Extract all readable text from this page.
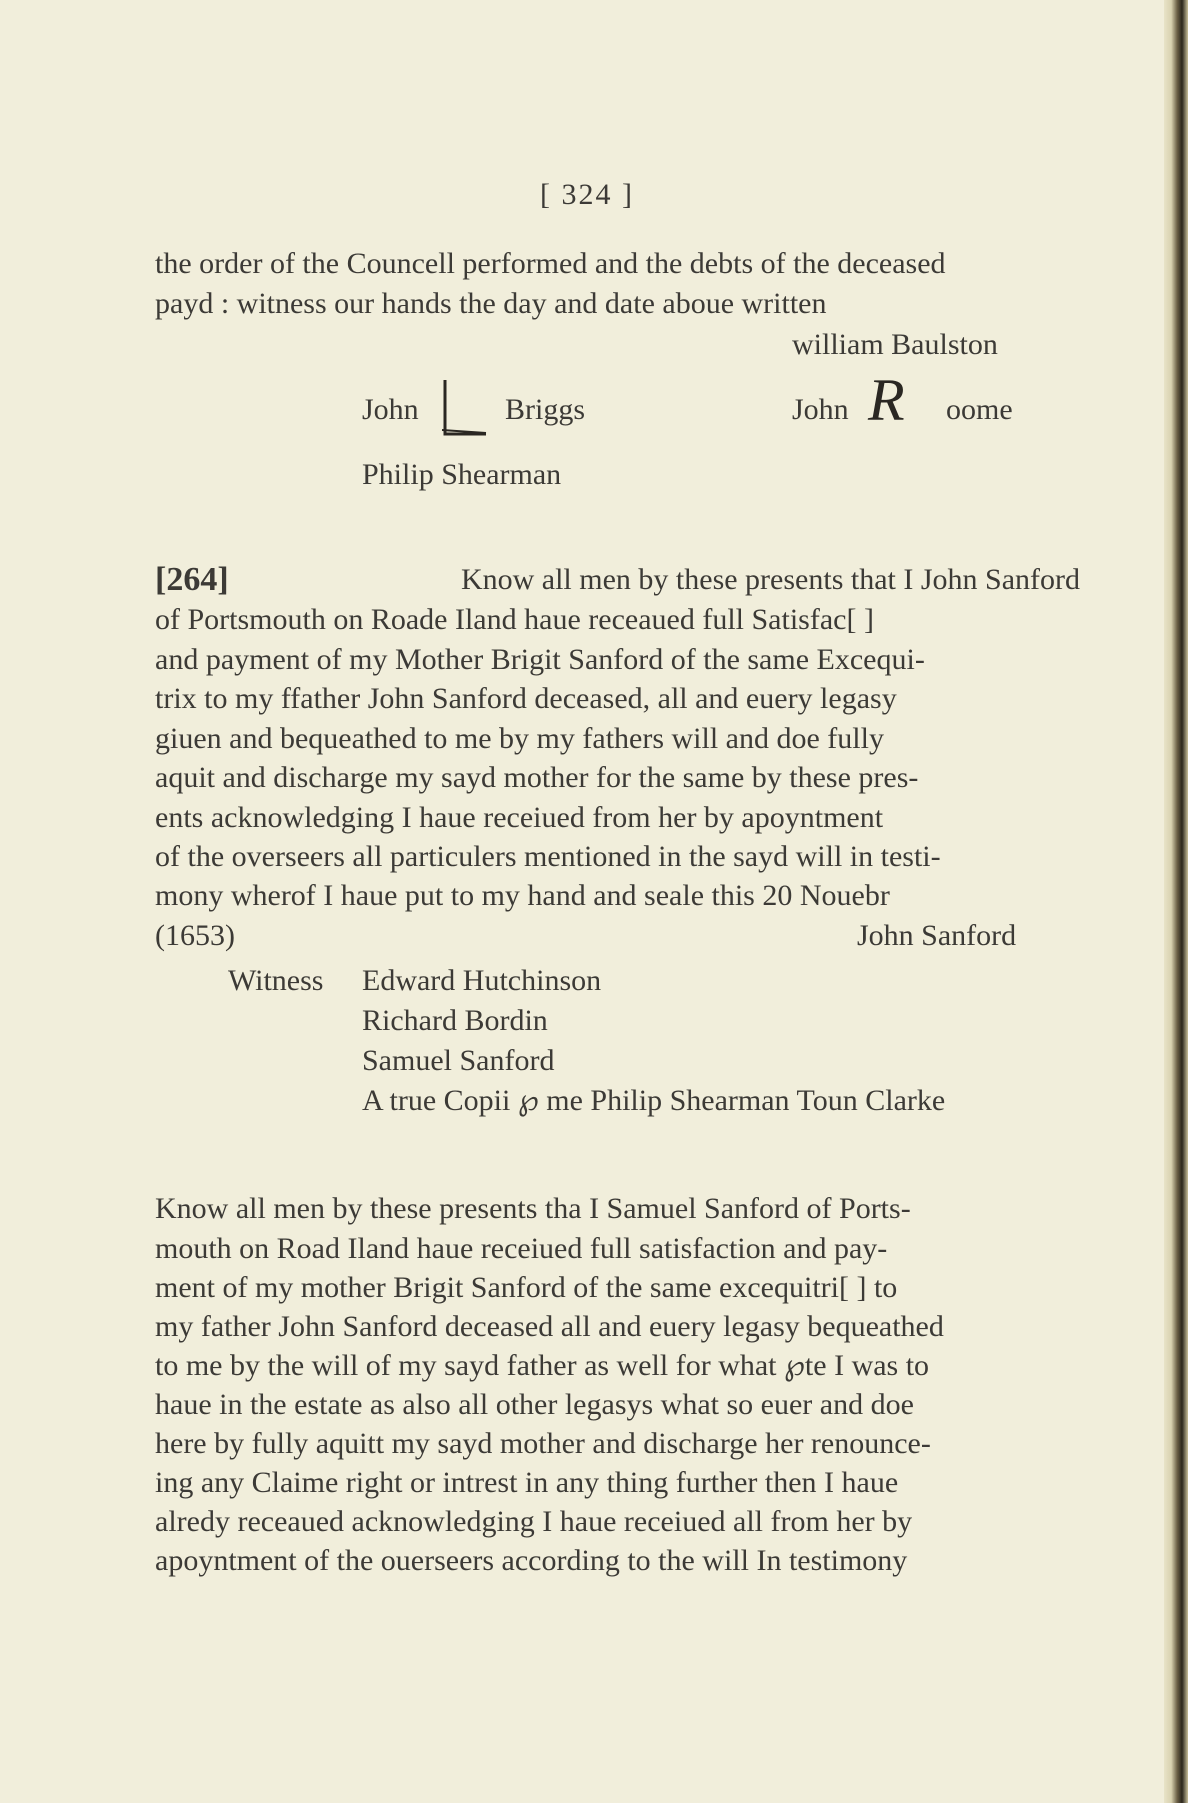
[ 324 ]
the order of the Councell performed and the debts of the deceased
payd : witness our hands the day and date aboue written
william Baulston
John	Briggs	John R oome
Philip Shearman
[264]	Know all men by these presents that I John Sanford
of Portsmouth on Roade Iland haue receaued full Satisfac[ ]
and payment of my Mother Brigit Sanford of the same Excequi-
trix to my ffather John Sanford deceased, all and euery legasy
giuen and bequeathed to me by my fathers will and doe fully
aquit and discharge my sayd mother for the same by these pres-
ents acknowledging I haue receiued from her by apoyntment
of the overseers all particulers mentioned in the sayd will in testi-
mony wherof I haue put to my hand and seale this 20 Nouebr
(1653)	John Sanford
Witness Edward Hutchinson
Richard Bordin
Samuel Sanford
A true Copii ℘ me Philip Shearman Toun Clarke
Know all men by these presents tha I Samuel Sanford of Ports-
mouth on Road Iland haue receiued full satisfaction and pay-
ment of my mother Brigit Sanford of the same excequitri[ ] to
my father John Sanford deceased all and euery legasy bequeathed
to me by the will of my sayd father as well for what ℘te I was to
haue in the estate as also all other legasys what so euer and doe
here by fully aquitt my sayd mother and discharge her renounce-
ing any Claime right or intrest in any thing further then I haue
alredy receaued acknowledging I haue receiued all from her by
apoyntment of the ouerseers according to the will In testimony
